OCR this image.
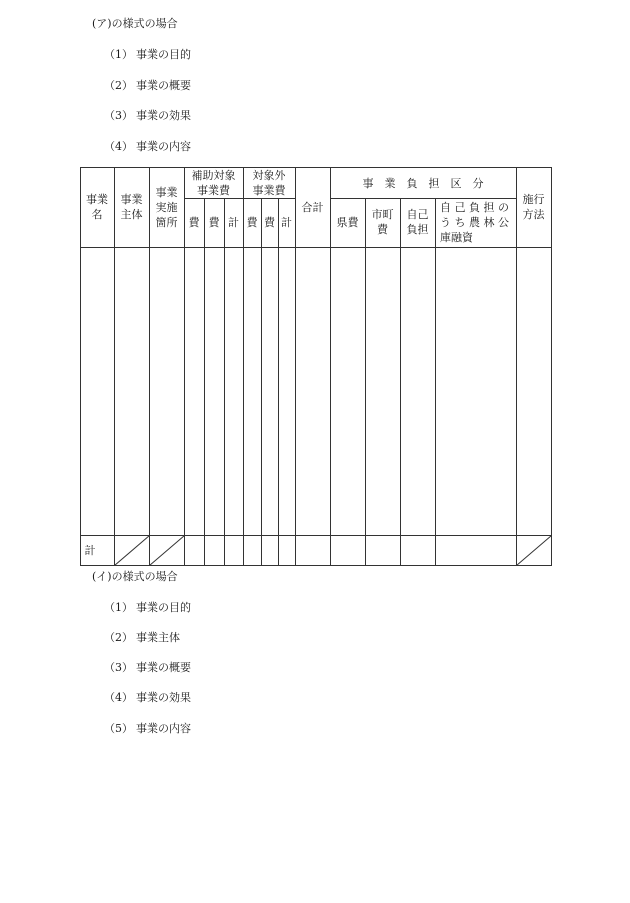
(ア)の様式の場合
（1） 事業の目的
（2） 事業の概要
（3） 事業の効果
（4） 事業の内容
事業
名
事業
主体
事業
実施
箇所
補助対象
事業費
対象外
事業費
費 費 計 費 費 計
合計
事　業　負　担　区　分
県費
市町
費
自己
負担
自 己 負 担 の
う ち 農 林 公
庫融資
施行
方法
計
(イ)の様式の場合
（1） 事業の目的
（2） 事業主体
（3） 事業の概要
（4） 事業の効果
（5） 事業の内容
